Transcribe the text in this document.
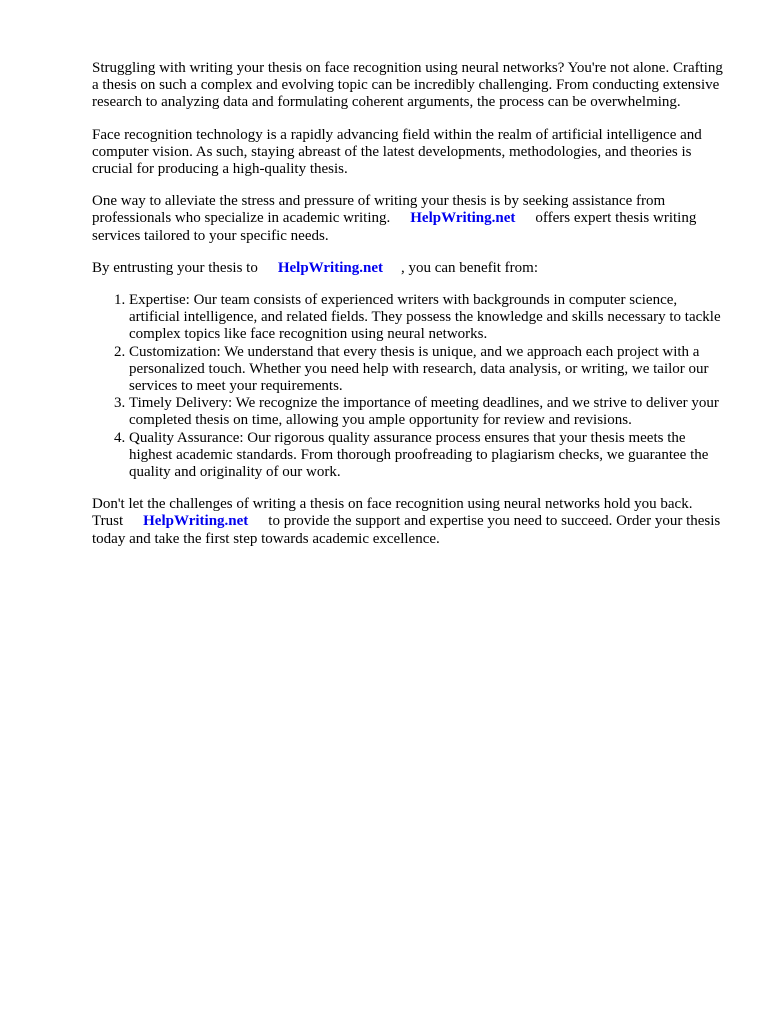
Struggling with writing your thesis on face recognition using neural networks? You're not alone. Crafting a thesis on such a complex and evolving topic can be incredibly challenging. From conducting extensive research to analyzing data and formulating coherent arguments, the process can be overwhelming.

Face recognition technology is a rapidly advancing field within the realm of artificial intelligence and computer vision. As such, staying abreast of the latest developments, methodologies, and theories is crucial for producing a high-quality thesis.

One way to alleviate the stress and pressure of writing your thesis is by seeking assistance from professionals who specialize in academic writing. HelpWriting.net offers expert thesis writing services tailored to your specific needs.

By entrusting your thesis to HelpWriting.net , you can benefit from:

1. Expertise: Our team consists of experienced writers with backgrounds in computer science, artificial intelligence, and related fields. They possess the knowledge and skills necessary to tackle complex topics like face recognition using neural networks.
2. Customization: We understand that every thesis is unique, and we approach each project with a personalized touch. Whether you need help with research, data analysis, or writing, we tailor our services to meet your requirements.
3. Timely Delivery: We recognize the importance of meeting deadlines, and we strive to deliver your completed thesis on time, allowing you ample opportunity for review and revisions.
4. Quality Assurance: Our rigorous quality assurance process ensures that your thesis meets the highest academic standards. From thorough proofreading to plagiarism checks, we guarantee the quality and originality of our work.

Don't let the challenges of writing a thesis on face recognition using neural networks hold you back. Trust HelpWriting.net to provide the support and expertise you need to succeed. Order your thesis today and take the first step towards academic excellence.
